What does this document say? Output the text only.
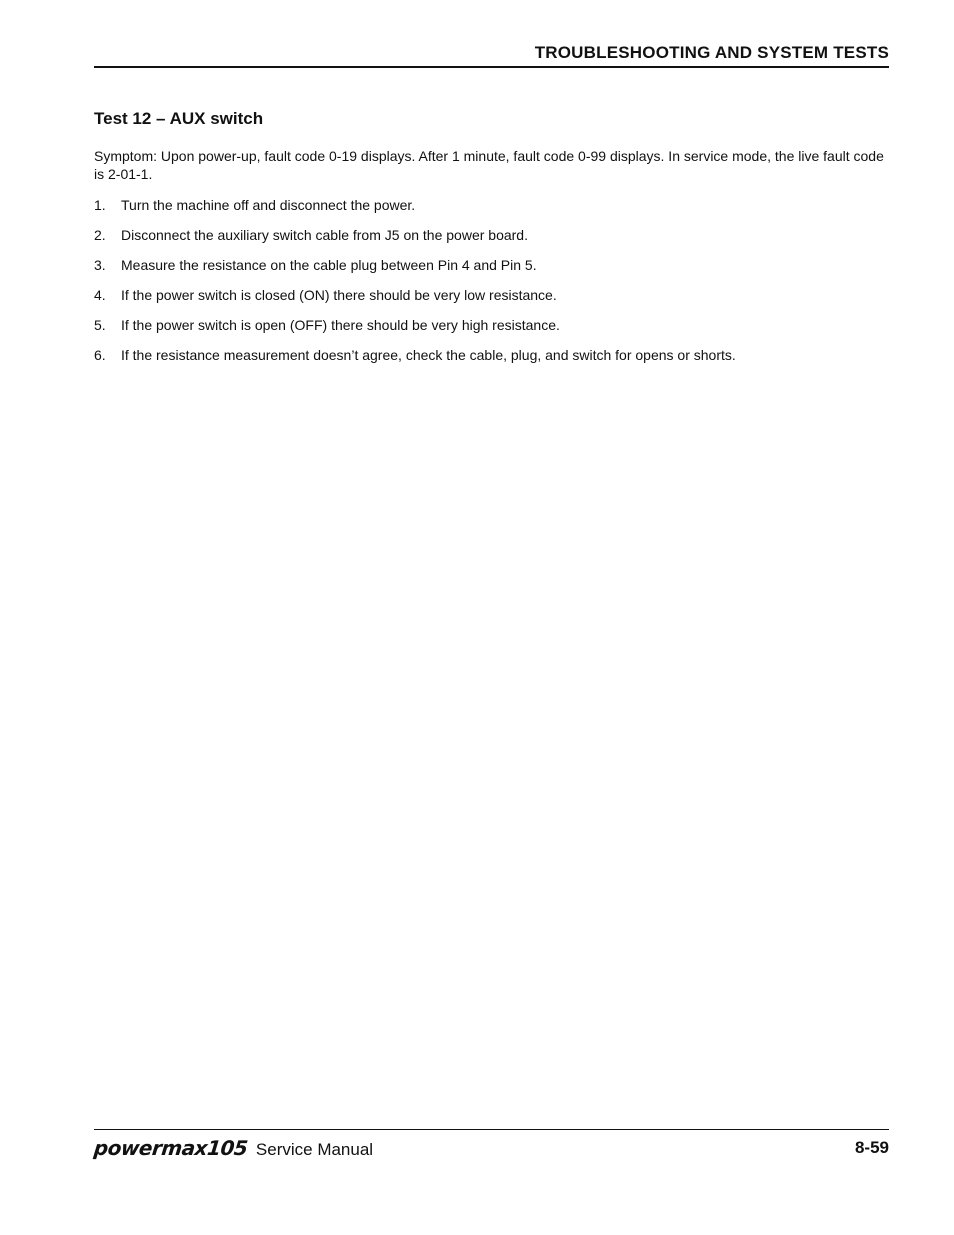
TROUBLESHOOTING AND SYSTEM TESTS
Test 12 – AUX switch
Symptom: Upon power-up, fault code 0-19 displays. After 1 minute, fault code 0-99 displays. In service mode, the live fault code is 2-01-1.
1. Turn the machine off and disconnect the power.
2. Disconnect the auxiliary switch cable from J5 on the power board.
3. Measure the resistance on the cable plug between Pin 4 and Pin 5.
4. If the power switch is closed (ON) there should be very low resistance.
5. If the power switch is open (OFF) there should be very high resistance.
6. If the resistance measurement doesn’t agree, check the cable, plug, and switch for opens or shorts.
powermax105 Service Manual	8-59
